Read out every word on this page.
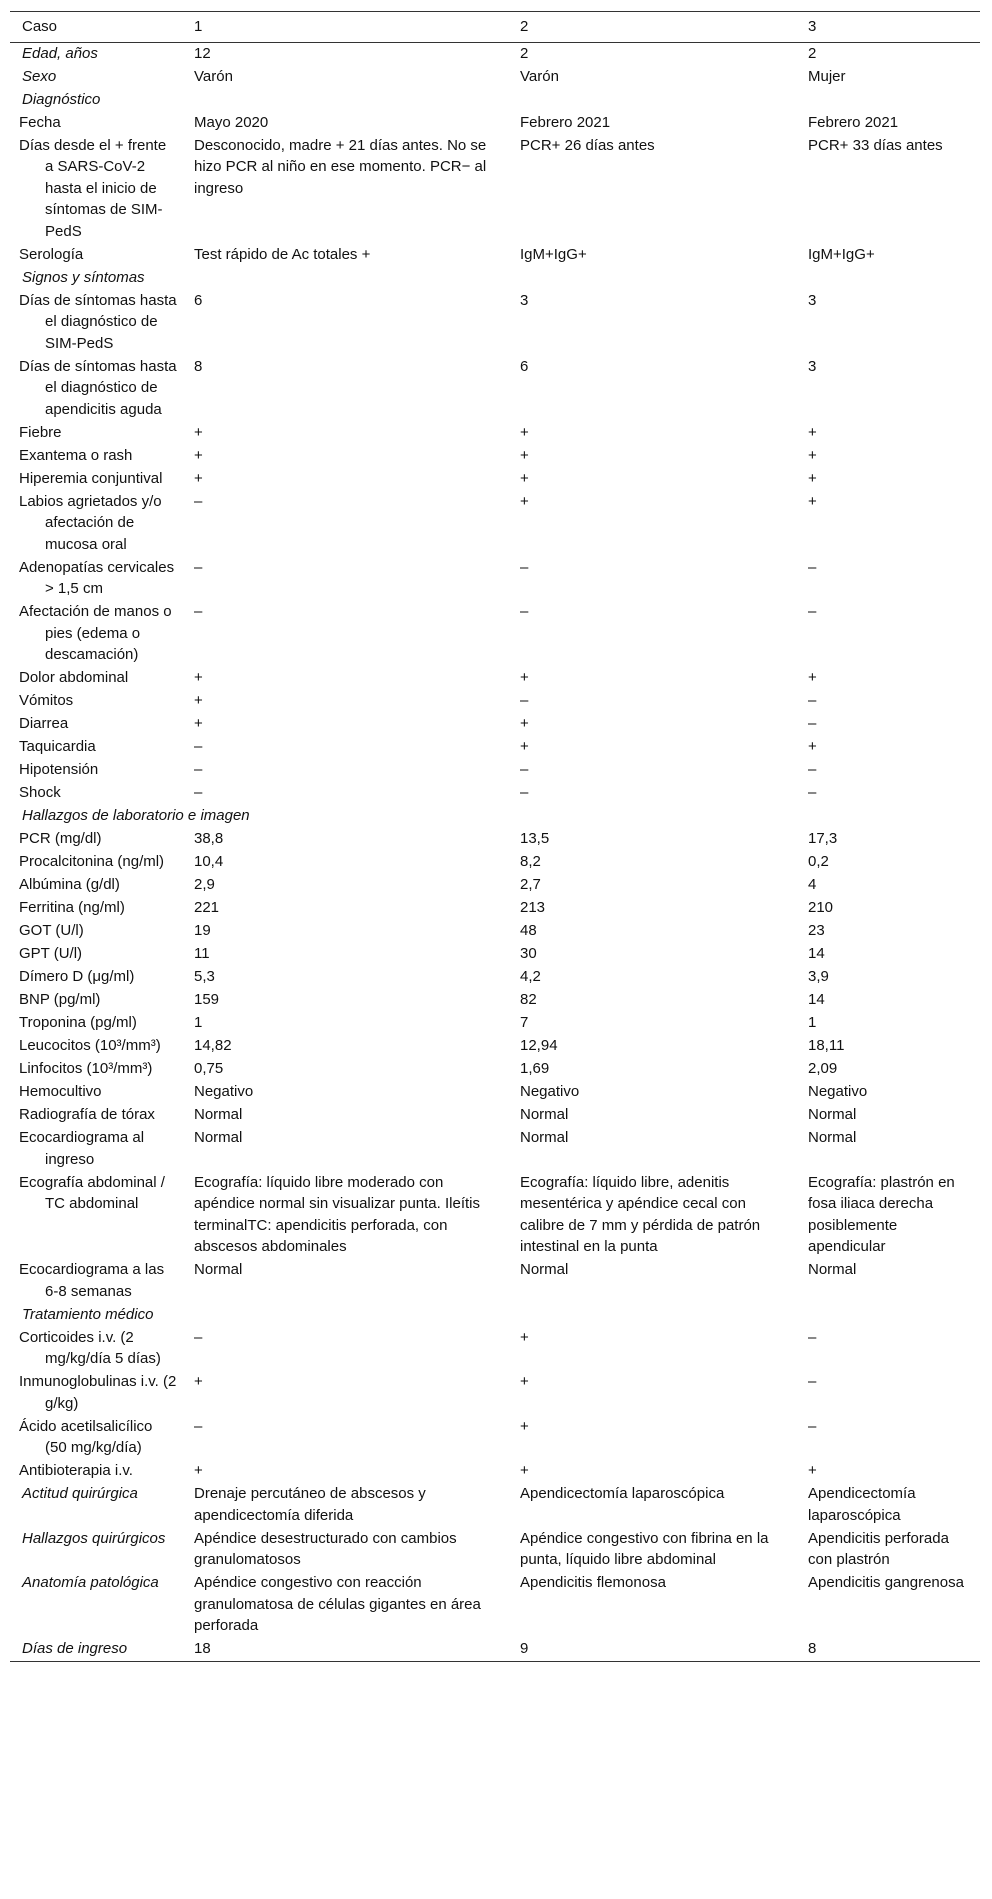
Caso	1	2	3
Edad, años	12	2	2
Sexo	Varón	Varón	Mujer
Diagnóstico			
Fecha	Mayo 2020	Febrero 2021	Febrero 2021
Días desde el + frente a SARS-CoV-2 hasta el inicio de síntomas de SIM-PedS	Desconocido, madre + 21 días antes. No se hizo PCR al niño en ese momento. PCR− al ingreso	PCR+ 26 días antes	PCR+ 33 días antes
Serología	Test rápido de Ac totales +	IgM+IgG+	IgM+IgG+
Signos y síntomas			
Días de síntomas hasta el diagnóstico de SIM-PedS	6	3	3
Días de síntomas hasta el diagnóstico de apendicitis aguda	8	6	3
Fiebre	+	+	+
Exantema o rash	+	+	+
Hiperemia conjuntival	+	+	+
Labios agrietados y/o afectación de mucosa oral	–	+	+
Adenopatías cervicales > 1,5 cm	–	–	–
Afectación de manos o pies (edema o descamación)	–	–	–
Dolor abdominal	+	+	+
Vómitos	+	–	–
Diarrea	+	+	–
Taquicardia	–	+	+
Hipotensión	–	–	–
Shock	–	–	–
Hallazgos de laboratorio e imagen			
PCR (mg/dl)	38,8	13,5	17,3
Procalcitonina (ng/ml)	10,4	8,2	0,2
Albúmina (g/dl)	2,9	2,7	4
Ferritina (ng/ml)	221	213	210
GOT (U/l)	19	48	23
GPT (U/l)	11	30	14
Dímero D (μg/ml)	5,3	4,2	3,9
BNP (pg/ml)	159	82	14
Troponina (pg/ml)	1	7	1
Leucocitos (10³/mm³)	14,82	12,94	18,11
Linfocitos (10³/mm³)	0,75	1,69	2,09
Hemocultivo	Negativo	Negativo	Negativo
Radiografía de tórax	Normal	Normal	Normal
Ecocardiograma al ingreso	Normal	Normal	Normal
Ecografía abdominal / TC abdominal	Ecografía: líquido libre moderado con apéndice normal sin visualizar punta. Ileítis terminalTC: apendicitis perforada, con abscesos abdominales	Ecografía: líquido libre, adenitis mesentérica y apéndice cecal con calibre de 7 mm y pérdida de patrón intestinal en la punta	Ecografía: plastrón en fosa iliaca derecha posiblemente apendicular
Ecocardiograma a las 6-8 semanas	Normal	Normal	Normal
Tratamiento médico			
Corticoides i.v. (2 mg/kg/día 5 días)	–	+	–
Inmunoglobulinas i.v. (2 g/kg)	+	+	–
Ácido acetilsalicílico (50 mg/kg/día)	–	+	–
Antibioterapia i.v.	+	+	+
Actitud quirúrgica	Drenaje percutáneo de abscesos y apendicectomía diferida	Apendicectomía laparoscópica	Apendicectomía laparoscópica
Hallazgos quirúrgicos	Apéndice desestructurado con cambios granulomatosos	Apéndice congestivo con fibrina en la punta, líquido libre abdominal	Apendicitis perforada con plastrón
Anatomía patológica	Apéndice congestivo con reacción granulomatosa de células gigantes en área perforada	Apendicitis flemonosa	Apendicitis gangrenosa
Días de ingreso	18	9	8
